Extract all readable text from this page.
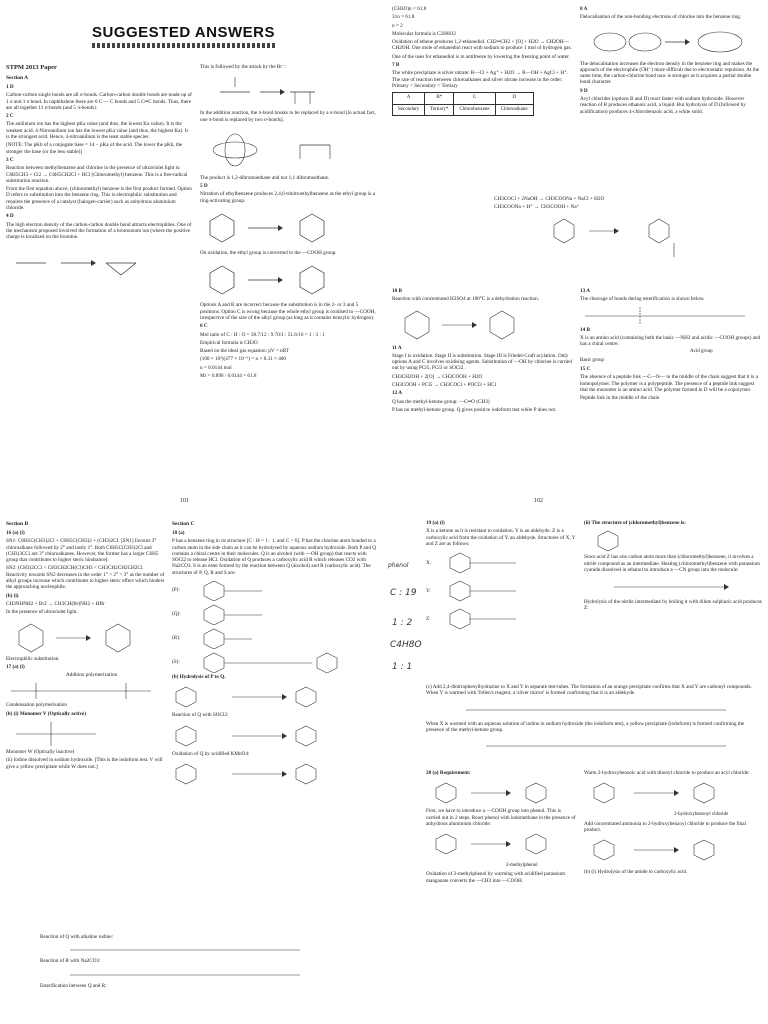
SUGGESTED ANSWERS

STPM 2013 Paper

Section A

1 D

Carbon-carbon single bonds are all σ-bonds. Carbon-carbon double bonds are made up of 1 σ and 1 π bond. In naphthalene there are 6 C — C bonds and 5 C═C bonds. Thus, there are all together 11 σ-bonds (and 5 π-bonds).

2 C

The anilinium ion has the highest pKa value (and thus, the lowest Ka value). It is the weakest acid. 4-Nitroanilium ion has the lowest pKa value (and thus, the highest Ka). It is the strongest acid. Hence, 4-nitroanilium is the least stable species.

[NOTE: The pKb of a conjugate base = 14 − pKa of the acid. The lower the pKb, the stronger the base (or the less stable)]

3 C

Reaction between methylbenzene and chlorine in the presence of ultraviolet light is: C6H5CH3 + Cl2 → C6H5CH2Cl + HCl (Chloromethyl) benzene. This is a free-radical substitution reaction.

From the first equation above, (chloromethyl) benzene is the first product formed. Option D refers to substitution into the benzene ring. This is electrophilic substitution and requires the presence of a catalyst (halogen-carrier) such as anhydrous aluminium chloride.

4 D

The high electron density of the carbon-carbon double bond attracts electrophiles. One of the mechanism proposed involved the formation of a bromonium ion (where the positive charge is localized on the bromine.

This is followed by the attack by the Br⁻:

In the addition reaction, the π-bond breaks to be replaced by a σ-bond [in actual fact, one π-bond is replaced by two σ-bonds].

The product is 1,2-dibromoethane and not 1,1-dibromoethane.

5 D

Nitration of ethylbenzene produces 2,4,6-trinitroethylbenzene as the ethyl group is a ring-activating group.

On oxidation, the ethyl group is converted to the —COOH group.

Options A and B are incorrect because the substitution is in the 2- or 3 and 5 positions. Option C is wrong because the whole ethyl group is oxidised to —COOH, irrespective of the size of the alkyl group (as long as it contains benzylic hydrogen).

6 C

Mol ratio of C : H : O = 38.7/12 : 9.70/1 : 51.6/16 = 1 : 3 : 1

Empirical formula is CH3O

Based on the ideal gas equation: pV = nRT

(100 × 10³)(477 × 10⁻⁶) = n × 8.31 × 400

n = 0.0144 mol

Mr = 0.890 / 0.0144 = 61.8

101

(CH3O)n = 61.8

31n = 61.8

n = 2

Molecular formula is C2H6O2

Oxidation of ethene produces 1,2-ethanediol. CH2═CH2 + [O] + H2O → CH2OH—CH2OH. One mole of ethanediol react with sodium to produce 1 mol of hydrogen gas.

One of the uses for ethanediol is in antifreeze by lowering the freezing point of water.

7 B

The white precipitate is silver nitrate: R—Cl + Ag⁺ + H2O → R—OH + AgCl + H⁺. The rate of reaction between chloroalkanes and silver nitrate increase in the order: Primary < Secondary < Tertiary

A	B*	C	D
Secondary	Tertiary*	Chlorobenzene	Chloroalkane

8 A

Delocalisation of the non-bonding electrons of chlorine into the benzene ring.

The delocalisation increases the electron density in the benzene ring and makes the approach of the electrophile (OH⁻) more difficult due to electrostatic repulsion. At the same time, the carbon-chlorine bond now is stronger as it acquires a partial double bond character.

9 D

Acyl chlorides (options B and D) react faster with sodium hydroxide. However reaction of B produces ethanoic acid, a liquid. But hydrolysis of D (followed by acidification) produces 4-chlorobenzoic acid, a white solid.

CH3COCl + 2NaOH → CH3COONa + NaCl + H2O

CH3COONa + H⁺ → CH3COOH + Na⁺

10 B

Reaction with concentrated H2SO4 at 180°C is a dehydration reaction.

11 A

Stage I is oxidation. Stage II is substitution. Stage III is Friedel-Craft acylation. Only options A and C involves oxidising agents. Substitution of —OH by chlorine is carried out by using PCl5, PCl3 or SOCl2.

CH3CH2OH + 2[O] → CH3COOH + H2O

CH3COOH + PCl5 → CH3COCl + POCl3 + HCl

12 A

Q has the methyl-ketone group: —C═O (CH3)

P has no methyl-ketone group. Q gives positive iodoform test while P does not.

13 A

The cleavage of bonds during esterification is shown below.

14 B

X is an amino acid (containing both the basic —NH2 and acidic —COOH groups) and has a chiral centre.

Acid group

Basic group

15 C

The absence of a peptide link —C—N— in the middle of the chain suggest that it is a homopolymer. The polymer is a polypeptide. The presence of a peptide link suggest that the monomer is an amino acid. The polymer formed in D will be a copolymer.

Peptide link in the middle of the chain

102

Section B

16 (a) (i)

SN1: C6H5C(CH3)2Cl + C6H5C(CH3)2 + (CH3)2CI. [SN1] favours 3° chloroalkane followed by 2° and lastly 1°. Both C6H5C(CH3)2Cl and (CH3)3CCl are 3° chloroalkanes. However, the former has a larger C6H5 group that contributes to higher steric hindrance].

SN2: (CH3)2CCl < CH3CH2CH(Cl)CH3 < CH3CH2CH2CH2Cl. Reactivity towards SN2 decreases in the order 1° > 2° > 3° as the number of alkyl groups increase which contributes to higher steric effect which hinders the approaching nucleophile.

(b) (i)

CH3NHNH2 + Br2 → CH3CH(Br)NH2 + HBr

In the presence of ultraviolet light.

Electrophilic substitution.

17 (a) (i)

Addition polymerization

Condensation polymerisation

(b) (i) Monomer V (Optically active)

Monomer W (Optically inactive)

(ii) Iodine dissolved in sodium hydroxide. [This is the iodoform test. V will give a yellow precipitate while W does not.]

Section C

18 (a)

P has a benzene ring in its structure [C : H = 1 : 1, and C > 6]. P has the chlorine atom bonded to a carbon atom in the side chain as it can be hydrolysed by aqueous sodium hydroxide. Both P and Q contains a chiral centre in their molecules. Q is an alcohol (with —OH group) that reacts with SOCl2 to release HCl. Oxidation of Q produces a carboxylic acid R which releases CO2 with Na2CO3. S is an ester formed by the reaction between Q (alcohol) and R (carboxylic acid). The structures of P, Q, R and S are:

(P):
(Q):
(R):
(S):

(b) Hydrolysis of P to Q.

Reaction of Q with SOCl2:

Oxidation of Q by acidified KMnO4:

Reaction of Q with alkaline iodine:

Reaction of R with Na2CO3:

Esterification between Q and R:

19 (a) (i)

X is a ketone as it is resistant to oxidation. Y is an aldehyde. Z is a carboxylic acid from the oxidation of Y, an aldehyde. Structures of X, Y and Z are as follows:

X:
Y:
Z:

(ii) The structure of (chloromethyl)benzene is:

Since acid Z has one carbon atom more than (chloromethyl)benzene, it involves a nitrile compound as an intermediate. Heating (chloromethyl)benzene with potassium cyanide dissolved in ethanol to introduce a —CN group into the molecule:

Hydrolysis of the nitrile intermediate by boiling it with dilute sulphuric acid produces Z:

(c) Add 2,4-dinitrophenylhydrazine to X and Y in separate test-tubes. The formation of an orange precipitate confirms that X and Y are carbonyl compounds. When Y is warmed with Tollen's reagent, a 'silver mirror' is formed confirming that it is an aldehyde.

When X is warmed with an aqueous solution of iodine in sodium hydroxide (the iodoform test), a yellow precipitate (iodoform) is formed confirming the presence of the methyl-ketone group.

20 (a) Requirement:

First, we have to introduce a —COOH group into phenol. This is carried out in 2 steps. React phenol with iodomethane in the presence of anhydrous aluminium chloride:

2-methylphenol

Oxidation of 2-methylphenol by warming with acidified potassium manganate converts the —CH3 into —COOH.

Warm 2-hydroxybenzoic acid with thionyl chloride to produce an acyl chloride:

2-hydroxybenzoyl chloride

Add concentrated ammonia to 2-hydroxybenzoyl chloride to produce the final product.

(b) (i) Hydrolysis of the amide to carboxylic acid.

phenol
C : 19
1 : 2
1 : 1
C4H8O
